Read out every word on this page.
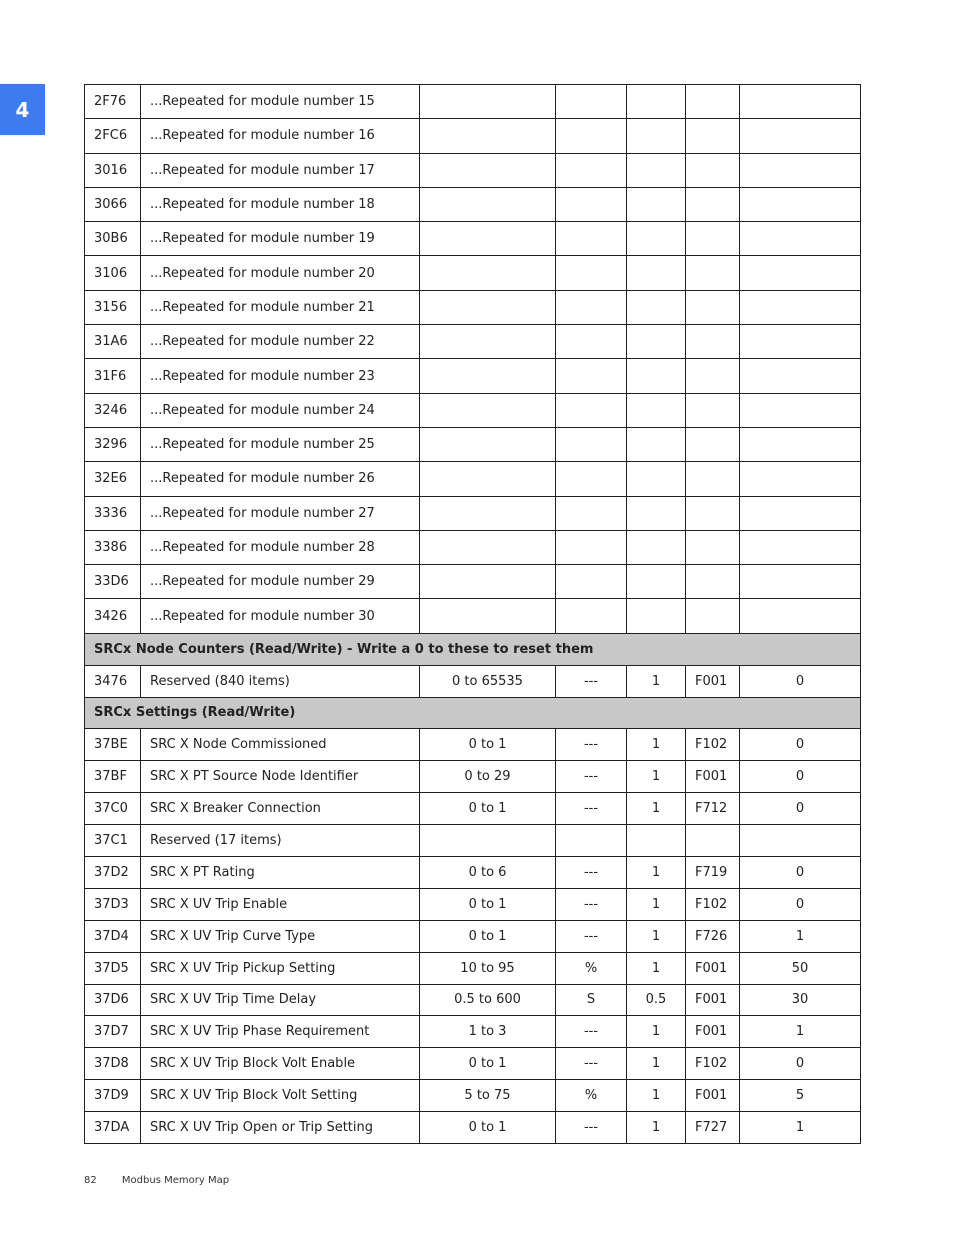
4	2F76	...Repeated for module number 15					
2FC6	...Repeated for module number 16					
3016	...Repeated for module number 17					
3066	...Repeated for module number 18					
30B6	...Repeated for module number 19					
3106	...Repeated for module number 20					
3156	...Repeated for module number 21					
31A6	...Repeated for module number 22					
31F6	...Repeated for module number 23					
3246	...Repeated for module number 24					
3296	...Repeated for module number 25					
32E6	...Repeated for module number 26					
3336	...Repeated for module number 27					
3386	...Repeated for module number 28					
33D6	...Repeated for module number 29					
3426	...Repeated for module number 30					
SRCx Node Counters (Read/Write) - Write a 0 to these to reset them						
3476	Reserved (840 items)	0 to 65535	---	1	F001	0
SRCx Settings (Read/Write)						
37BE	SRC X Node Commissioned	0 to 1	---	1	F102	0
37BF	SRC X PT Source Node Identifier	0 to 29	---	1	F001	0
37C0	SRC X Breaker Connection	0 to 1	---	1	F712	0
37C1	Reserved (17 items)					
37D2	SRC X PT Rating	0 to 6	---	1	F719	0
37D3	SRC X UV Trip Enable	0 to 1	---	1	F102	0
37D4	SRC X UV Trip Curve Type	0 to 1	---	1	F726	1
37D5	SRC X UV Trip Pickup Setting	10 to 95	%	1	F001	50
37D6	SRC X UV Trip Time Delay	0.5 to 600	S	0.5	F001	30
37D7	SRC X UV Trip Phase Requirement	1 to 3	---	1	F001	1
37D8	SRC X UV Trip Block Volt Enable	0 to 1	---	1	F102	0
37D9	SRC X UV Trip Block Volt Setting	5 to 75	%	1	F001	5
37DA	SRC X UV Trip Open or Trip Setting	0 to 1	---	1	F727	1
82	Modbus Memory Map
